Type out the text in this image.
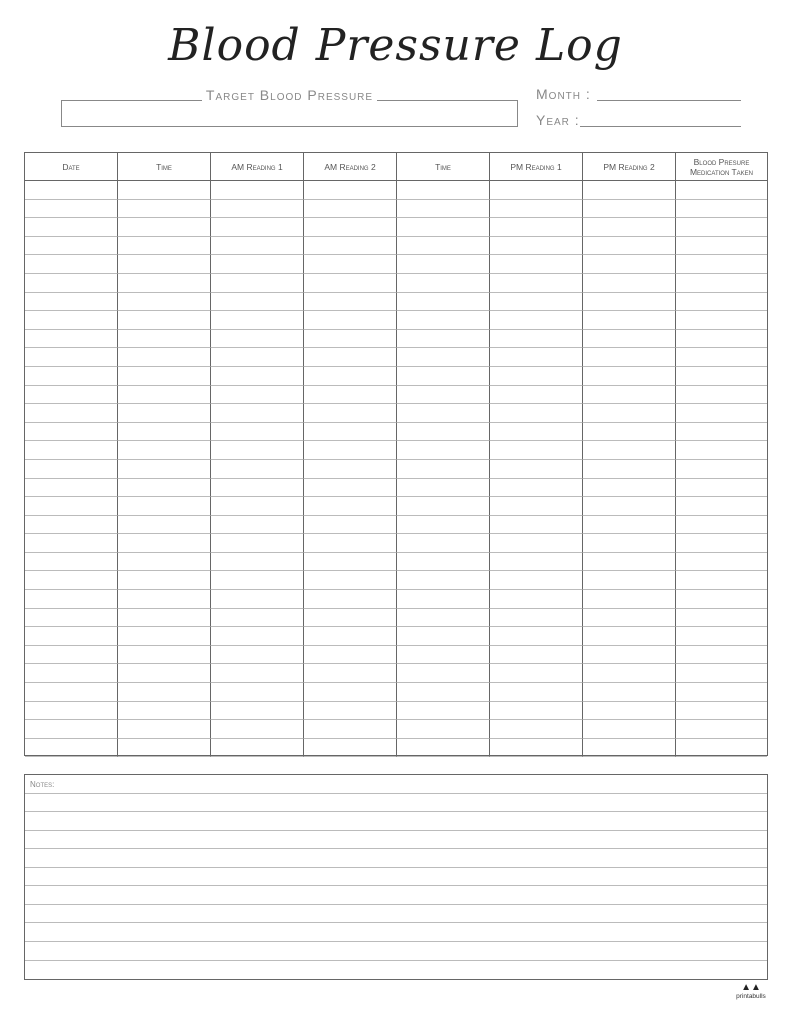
Blood Pressure Log
Target Blood Pressure	Month :
Year :
Date	Time	AM Reading 1	AM Reading 2	Time	PM Reading 1	PM Reading 2	Blood Presure Medication Taken
Notes:
▲▲
printabulls
